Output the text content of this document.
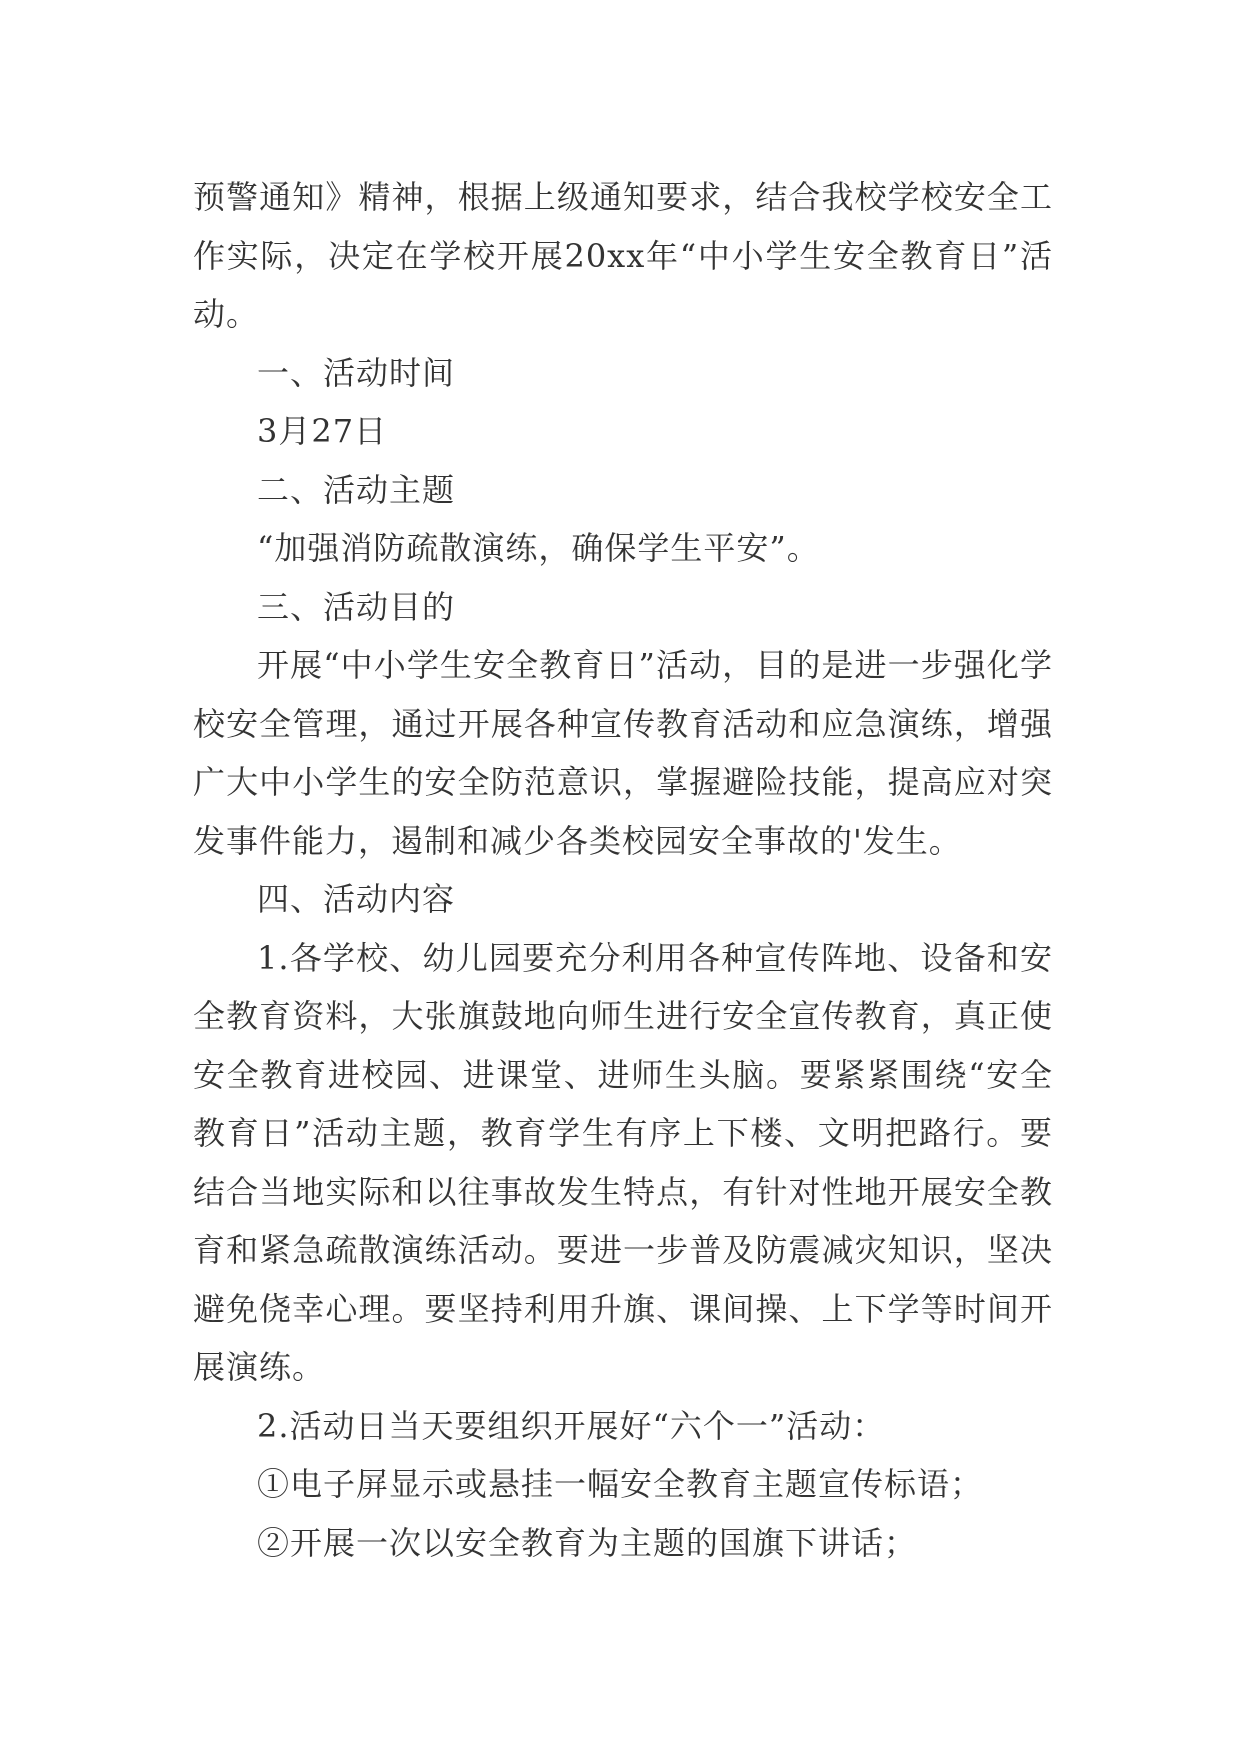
预警通知》精神，根据上级通知要求，结合我校学校安全工作实际，决定在学校开展20xx年“中小学生安全教育日”活动。

一、活动时间

3月27日

二、活动主题

“加强消防疏散演练，确保学生平安”。

三、活动目的

开展“中小学生安全教育日”活动，目的是进一步强化学校安全管理，通过开展各种宣传教育活动和应急演练，增强广大中小学生的安全防范意识，掌握避险技能，提高应对突发事件能力，遏制和减少各类校园安全事故的'发生。

四、活动内容

1.各学校、幼儿园要充分利用各种宣传阵地、设备和安全教育资料，大张旗鼓地向师生进行安全宣传教育，真正使安全教育进校园、进课堂、进师生头脑。要紧紧围绕“安全教育日”活动主题，教育学生有序上下楼、文明把路行。要结合当地实际和以往事故发生特点，有针对性地开展安全教育和紧急疏散演练活动。要进一步普及防震减灾知识，坚决避免侥幸心理。要坚持利用升旗、课间操、上下学等时间开展演练。

2.活动日当天要组织开展好“六个一”活动：

①电子屏显示或悬挂一幅安全教育主题宣传标语；

②开展一次以安全教育为主题的国旗下讲话；
